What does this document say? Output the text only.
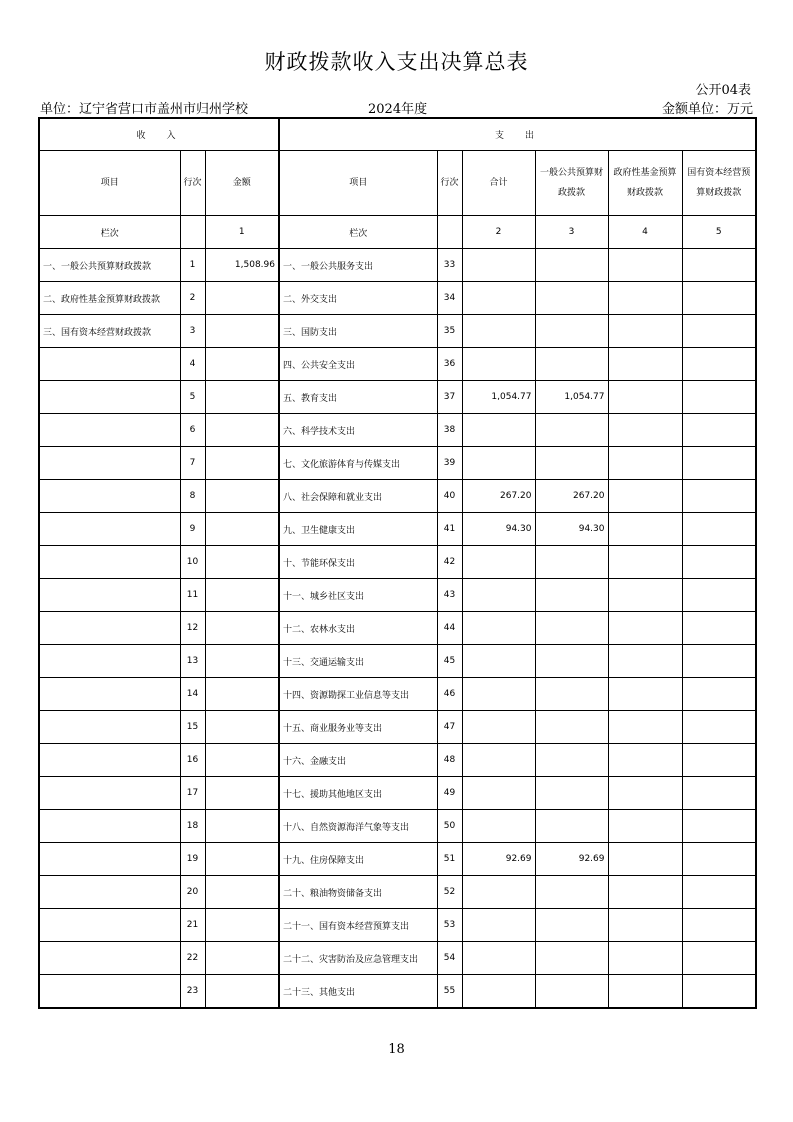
财政拨款收入支出决算总表
公开04表
单位：辽宁省营口市盖州市归州学校	2024年度	金额单位：万元
收　入			支　出					
项目	行次	金额	项目	行次	合计	一般公共预算财政拨款	政府性基金预算财政拨款	国有资本经营预算财政拨款
栏次		1	栏次		2	3	4	5
一、一般公共预算财政拨款	1	1,508.96	一、一般公共服务支出	33				
二、政府性基金预算财政拨款	2		二、外交支出	34				
三、国有资本经营财政拨款	3		三、国防支出	35				
	4		四、公共安全支出	36				
	5		五、教育支出	37	1,054.77	1,054.77		
	6		六、科学技术支出	38				
	7		七、文化旅游体育与传媒支出	39				
	8		八、社会保障和就业支出	40	267.20	267.20		
	9		九、卫生健康支出	41	94.30	94.30		
	10		十、节能环保支出	42				
	11		十一、城乡社区支出	43				
	12		十二、农林水支出	44				
	13		十三、交通运输支出	45				
	14		十四、资源勘探工业信息等支出	46				
	15		十五、商业服务业等支出	47				
	16		十六、金融支出	48				
	17		十七、援助其他地区支出	49				
	18		十八、自然资源海洋气象等支出	50				
	19		十九、住房保障支出	51	92.69	92.69		
	20		二十、粮油物资储备支出	52				
	21		二十一、国有资本经营预算支出	53				
	22		二十二、灾害防治及应急管理支出	54				
	23		二十三、其他支出	55				
18
